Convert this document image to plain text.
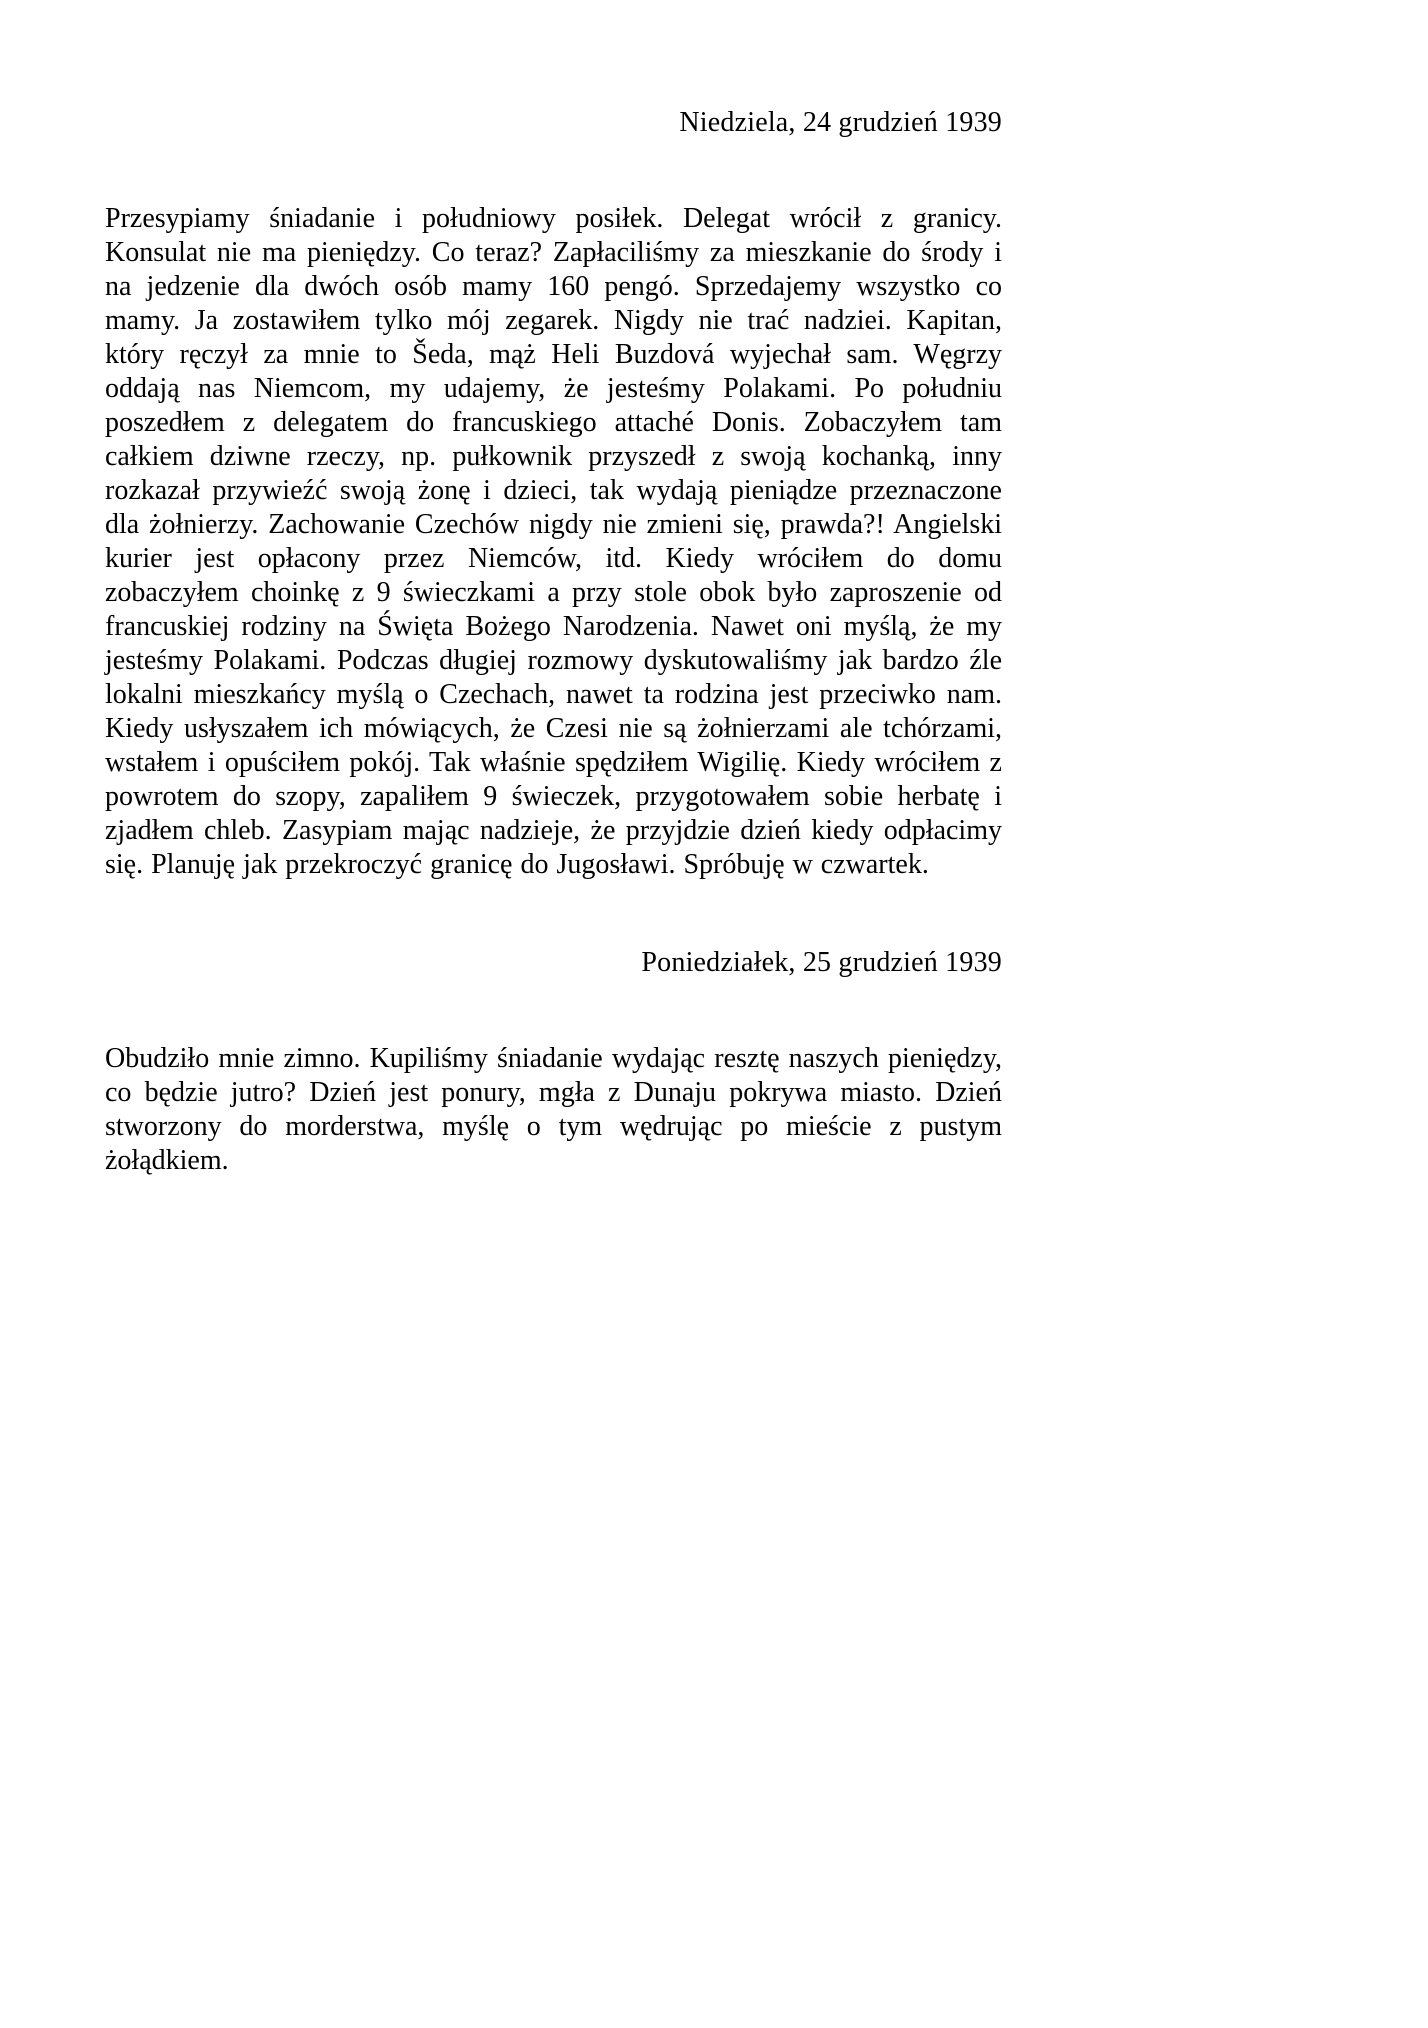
Niedziela, 24 grudzień 1939

Przesypiamy śniadanie i południowy posiłek. Delegat wrócił z granicy. Konsulat nie ma pieniędzy. Co teraz? Zapłaciliśmy za mieszkanie do środy i na jedzenie dla dwóch osób mamy 160 pengó. Sprzedajemy wszystko co mamy. Ja zostawiłem tylko mój zegarek. Nigdy nie trać nadziei. Kapitan, który ręczył za mnie to Šeda, mąż Heli Buzdová wyjechał sam. Węgrzy oddają nas Niemcom, my udajemy, że jesteśmy Polakami. Po południu poszedłem z delegatem do francuskiego attaché Donis. Zobaczyłem tam całkiem dziwne rzeczy, np. pułkownik przyszedł z swoją kochanką, inny rozkazał przywieźć swoją żonę i dzieci, tak wydają pieniądze przeznaczone dla żołnierzy. Zachowanie Czechów nigdy nie zmieni się, prawda?! Angielski kurier jest opłacony przez Niemców, itd. Kiedy wróciłem do domu zobaczyłem choinkę z 9 świeczkami a przy stole obok było zaproszenie od francuskiej rodziny na Święta Bożego Narodzenia. Nawet oni myślą, że my jesteśmy Polakami. Podczas długiej rozmowy dyskutowaliśmy jak bardzo źle lokalni mieszkańcy myślą o Czechach, nawet ta rodzina jest przeciwko nam. Kiedy usłyszałem ich mówiących, że Czesi nie są żołnierzami ale tchórzami, wstałem i opuściłem pokój. Tak właśnie spędziłem Wigilię. Kiedy wróciłem z powrotem do szopy, zapaliłem 9 świeczek, przygotowałem sobie herbatę i zjadłem chleb. Zasypiam mając nadzieje, że przyjdzie dzień kiedy odpłacimy się. Planuję jak przekroczyć granicę do Jugosławi. Spróbuję w czwartek.

Poniedziałek, 25 grudzień 1939

Obudziło mnie zimno. Kupiliśmy śniadanie wydając resztę naszych pieniędzy, co będzie jutro? Dzień jest ponury, mgła z Dunaju pokrywa miasto. Dzień stworzony do morderstwa, myślę o tym wędrując po mieście z pustym żołądkiem.
